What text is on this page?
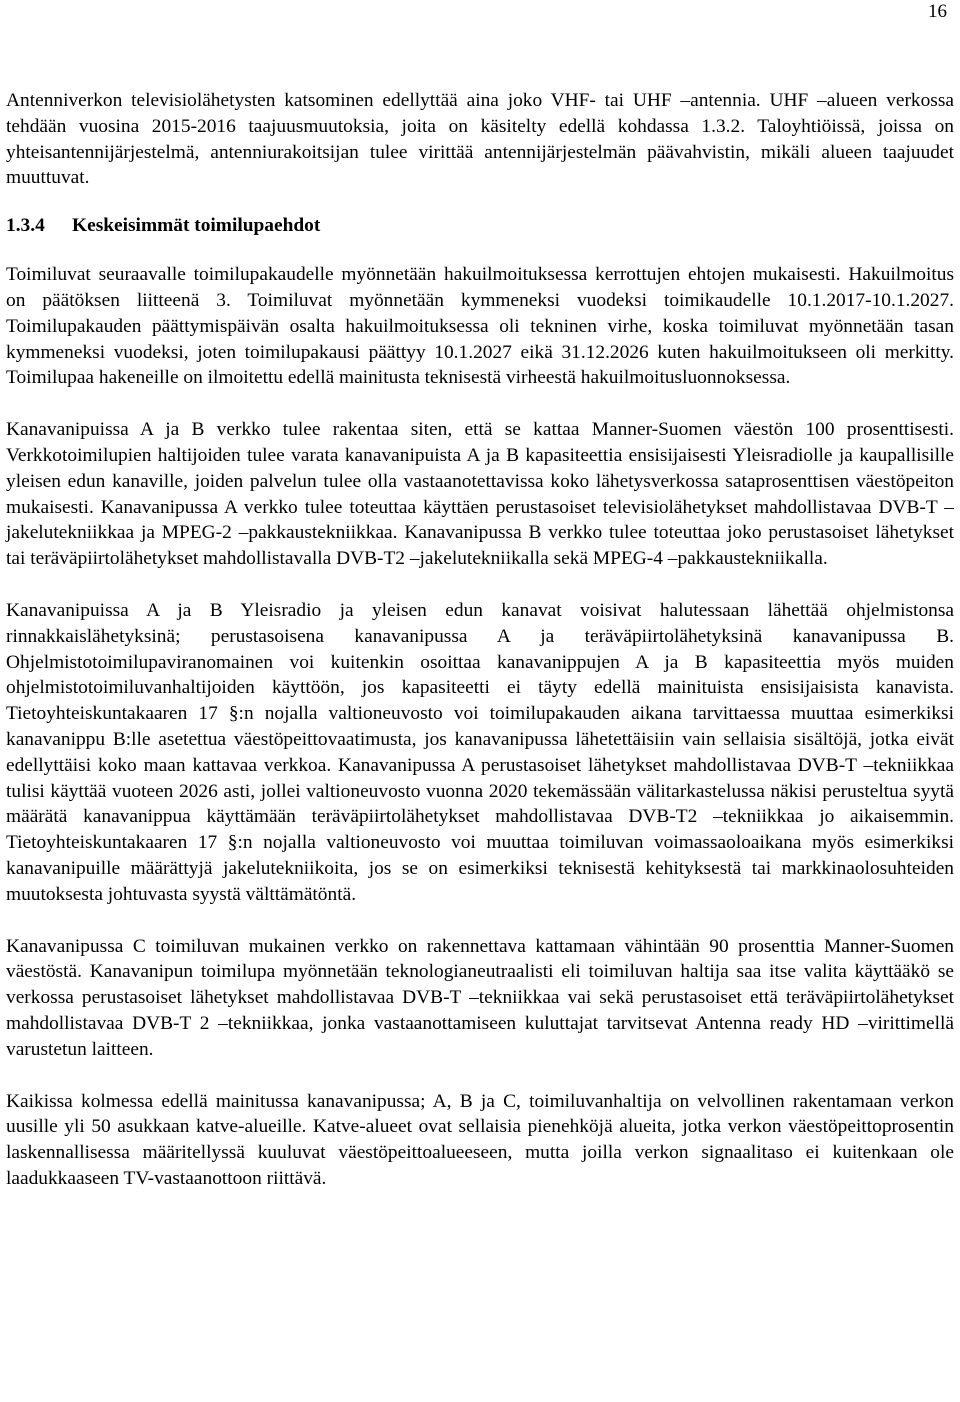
16

Antenniverkon televisiolähetysten katsominen edellyttää aina joko VHF- tai UHF –antennia. UHF –alueen verkossa tehdään vuosina 2015-2016 taajuusmuutoksia, joita on käsitelty edellä kohdassa 1.3.2. Taloyhtiöissä, joissa on yhteisantennijärjestelmä, antenniurakoitsijan tulee virittää antennijärjestelmän päävahvistin, mikäli alueen taajuudet muuttuvat.

1.3.4 Keskeisimmät toimilupaehdot

Toimiluvat seuraavalle toimilupakaudelle myönnetään hakuilmoituksessa kerrottujen ehtojen mukaisesti. Hakuilmoitus on päätöksen liitteenä 3. Toimiluvat myönnetään kymmeneksi vuodeksi toimikaudelle 10.1.2017-10.1.2027. Toimilupakauden päättymispäivän osalta hakuilmoituksessa oli tekninen virhe, koska toimiluvat myönnetään tasan kymmeneksi vuodeksi, joten toimilupakausi päättyy 10.1.2027 eikä 31.12.2026 kuten hakuilmoitukseen oli merkitty. Toimilupaa hakeneille on ilmoitettu edellä mainitusta teknisestä virheestä hakuilmoitusluonnoksessa.

Kanavanipuissa A ja B verkko tulee rakentaa siten, että se kattaa Manner-Suomen väestön 100 prosenttisesti. Verkkotoimilupien haltijoiden tulee varata kanavanipuista A ja B kapasiteettia ensisijaisesti Yleisradiolle ja kaupallisille yleisen edun kanaville, joiden palvelun tulee olla vastaanotettavissa koko lähetysverkossa sataprosenttisen väestöpeiton mukaisesti. Kanavanipussa A verkko tulee toteuttaa käyttäen perustasoiset televisiolähetykset mahdollistavaa DVB-T –jakelutekniikkaa ja MPEG-2 –pakkaustekniikkaa. Kanavanipussa B verkko tulee toteuttaa joko perustasoiset lähetykset tai teräväpiirtolähetykset mahdollistavalla DVB-T2 –jakelutekniikalla sekä MPEG-4 –pakkaustekniikalla.

Kanavanipuissa A ja B Yleisradio ja yleisen edun kanavat voisivat halutessaan lähettää ohjelmistonsa rinnakkaislähetyksinä; perustasoisena kanavanipussa A ja teräväpiirtolähetyksinä kanavanipussa B. Ohjelmistotoimilupaviranomainen voi kuitenkin osoittaa kanavanippujen A ja B kapasiteettia myös muiden ohjelmistotoimiluvanhaltijoiden käyttöön, jos kapasiteetti ei täyty edellä mainituista ensisijaisista kanavista. Tietoyhteiskuntakaaren 17 §:n nojalla valtioneuvosto voi toimilupakauden aikana tarvittaessa muuttaa esimerkiksi kanavanippu B:lle asetettua väestöpeittovaatimusta, jos kanavanipussa lähetettäisiin vain sellaisia sisältöjä, jotka eivät edellyttäisi koko maan kattavaa verkkoa. Kanavanipussa A perustasoiset lähetykset mahdollistavaa DVB-T –tekniikkaa tulisi käyttää vuoteen 2026 asti, jollei valtioneuvosto vuonna 2020 tekemässään välitarkastelussa näkisi perusteltua syytä määrätä kanavanippua käyttämään teräväpiirtolähetykset mahdollistavaa DVB-T2 –tekniikkaa jo aikaisemmin. Tietoyhteiskuntakaaren 17 §:n nojalla valtioneuvosto voi muuttaa toimiluvan voimassaoloaikana myös esimerkiksi kanavanipuille määrättyjä jakelutekniikoita, jos se on esimerkiksi teknisestä kehityksestä tai markkinaolosuhteiden muutoksesta johtuvasta syystä välttämätöntä.

Kanavanipussa C toimiluvan mukainen verkko on rakennettava kattamaan vähintään 90 prosenttia Manner-Suomen väestöstä. Kanavanipun toimilupa myönnetään teknologianeutraalisti eli toimiluvan haltija saa itse valita käyttääkö se verkossa perustasoiset lähetykset mahdollistavaa DVB-T –tekniikkaa vai sekä perustasoiset että teräväpiirtolähetykset mahdollistavaa DVB-T 2 –tekniikkaa, jonka vastaanottamiseen kuluttajat tarvitsevat Antenna ready HD –virittimellä varustetun laitteen.

Kaikissa kolmessa edellä mainitussa kanavanipussa; A, B ja C, toimiluvanhaltija on velvollinen rakentamaan verkon uusille yli 50 asukkaan katve-alueille. Katve-alueet ovat sellaisia pienehköjä alueita, jotka verkon väestöpeittoprosentin laskennallisessa määritellyssä kuuluvat väestöpeittoalueeseen, mutta joilla verkon signaalitaso ei kuitenkaan ole laadukkaaseen TV-vastaanottoon riittävä.
